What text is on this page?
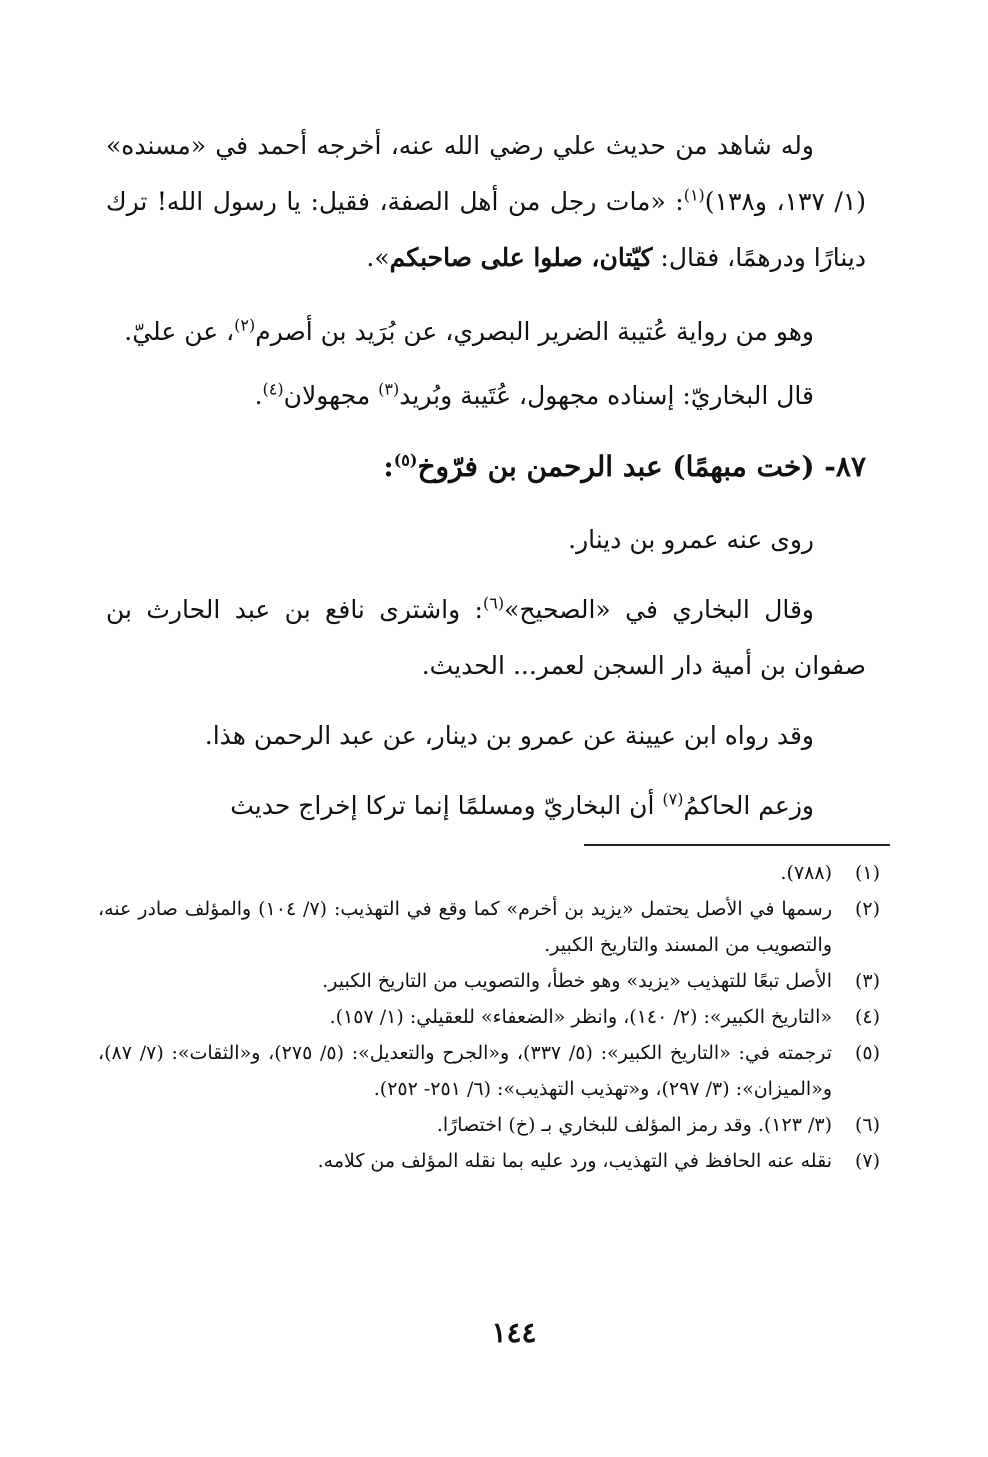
وله شاهد من حديث علي رضي الله عنه، أخرجه أحمد في «مسنده» (١/ ١٣٧، و١٣٨)$^{(١)}$: «مات رجل من أهل الصفة، فقيل: يا رسول الله! ترك دينارًا ودرهمًا، فقال: كيّتان، صلوا على صاحبكم».

وهو من رواية عُتيبة الضرير البصري، عن بُرَيد بن أصرم$^{(٢)}$، عن عليّ.

قال البخاريّ: إسناده مجهول، عُتَيبة وبُريد$^{(٣)}$ مجهولان$^{(٤)}$.

٨٧- (خت مبهمًا) عبد الرحمن بن فرّوخ$^{(٥)}$:

روى عنه عمرو بن دينار.

وقال البخاري في «الصحيح»$^{(٦)}$: واشترى نافع بن عبد الحارث بن صفوان بن أمية دار السجن لعمر... الحديث.

وقد رواه ابن عيينة عن عمرو بن دينار، عن عبد الرحمن هذا.

وزعم الحاكمُ$^{(٧)}$ أن البخاريّ ومسلمًا إنما تركا إخراج حديث

(١)
(٧٨٨).

(٢)
رسمها في الأصل يحتمل «يزيد بن أخرم» كما وقع في التهذيب: (٧/ ١٠٤) والمؤلف صادر عنه، والتصويب من المسند والتاريخ الكبير.

(٣)
الأصل تبعًا للتهذيب «يزيد» وهو خطأ، والتصويب من التاريخ الكبير.

(٤)
«التاريخ الكبير»: (٢/ ١٤٠)، وانظر «الضعفاء» للعقيلي: (١/ ١٥٧).

(٥)
ترجمته في: «التاريخ الكبير»: (٥/ ٣٣٧)، و«الجرح والتعديل»: (٥/ ٢٧٥)، و«الثقات»: (٧/ ٨٧)، و«الميزان»: (٣/ ٢٩٧)، و«تهذيب التهذيب»: (٦/ ٢٥١- ٢٥٢).

(٦)
(٣/ ١٢٣). وقد رمز المؤلف للبخاري بـ (خ) اختصارًا.

(٧)
نقله عنه الحافظ في التهذيب، ورد عليه بما نقله المؤلف من كلامه.

١٤٤
